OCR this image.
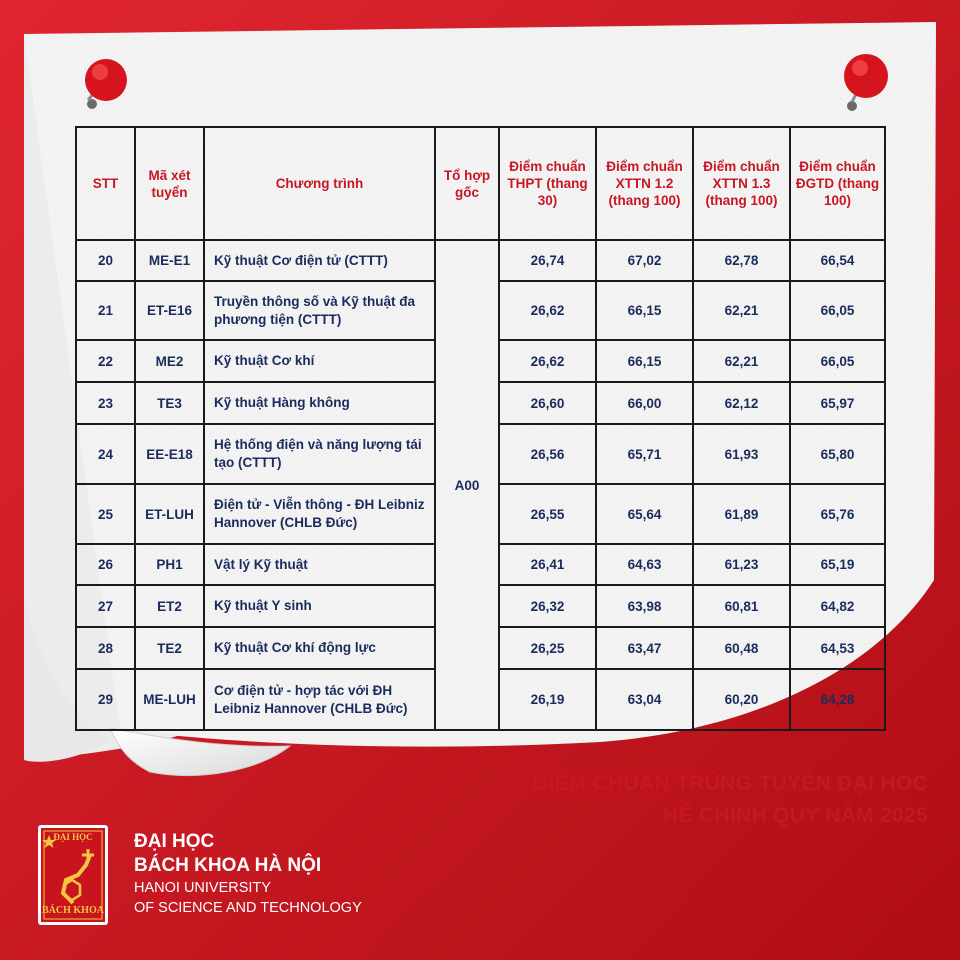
STT	Mã xét tuyển	Chương trình	Tổ hợp gốc	Điểm chuẩn THPT (thang 30)	Điểm chuẩn XTTN 1.2 (thang 100)	Điểm chuẩn XTTN 1.3 (thang 100)	Điểm chuẩn ĐGTD (thang 100)
20	ME-E1	Kỹ thuật Cơ điện tử (CTTT)	A00	26,74	67,02	62,78	66,54
21	ET-E16	Truyền thông số và Kỹ thuật đa phương tiện (CTTT)		26,62	66,15	62,21	66,05
22	ME2	Kỹ thuật Cơ khí		26,62	66,15	62,21	66,05
23	TE3	Kỹ thuật Hàng không		26,60	66,00	62,12	65,97
24	EE-E18	Hệ thống điện và năng lượng tái tạo (CTTT)		26,56	65,71	61,93	65,80
25	ET-LUH	Điện tử - Viễn thông - ĐH Leibniz Hannover (CHLB Đức)		26,55	65,64	61,89	65,76
26	PH1	Vật lý Kỹ thuật		26,41	64,63	61,23	65,19
27	ET2	Kỹ thuật Y sinh		26,32	63,98	60,81	64,82
28	TE2	Kỹ thuật Cơ khí động lực		26,25	63,47	60,48	64,53
29	ME-LUH	Cơ điện tử - hợp tác với ĐH Leibniz Hannover (CHLB Đức)		26,19	63,04	60,20	64,28
ĐIỂM CHUẨN TRÚNG TUYỂN ĐẠI HỌC
HỆ CHÍNH QUY NĂM 2025
ĐẠI HỌC
BÁCH KHOA
ĐẠI HỌC
BÁCH KHOA HÀ NỘI
HANOI UNIVERSITY
OF SCIENCE AND TECHNOLOGY
